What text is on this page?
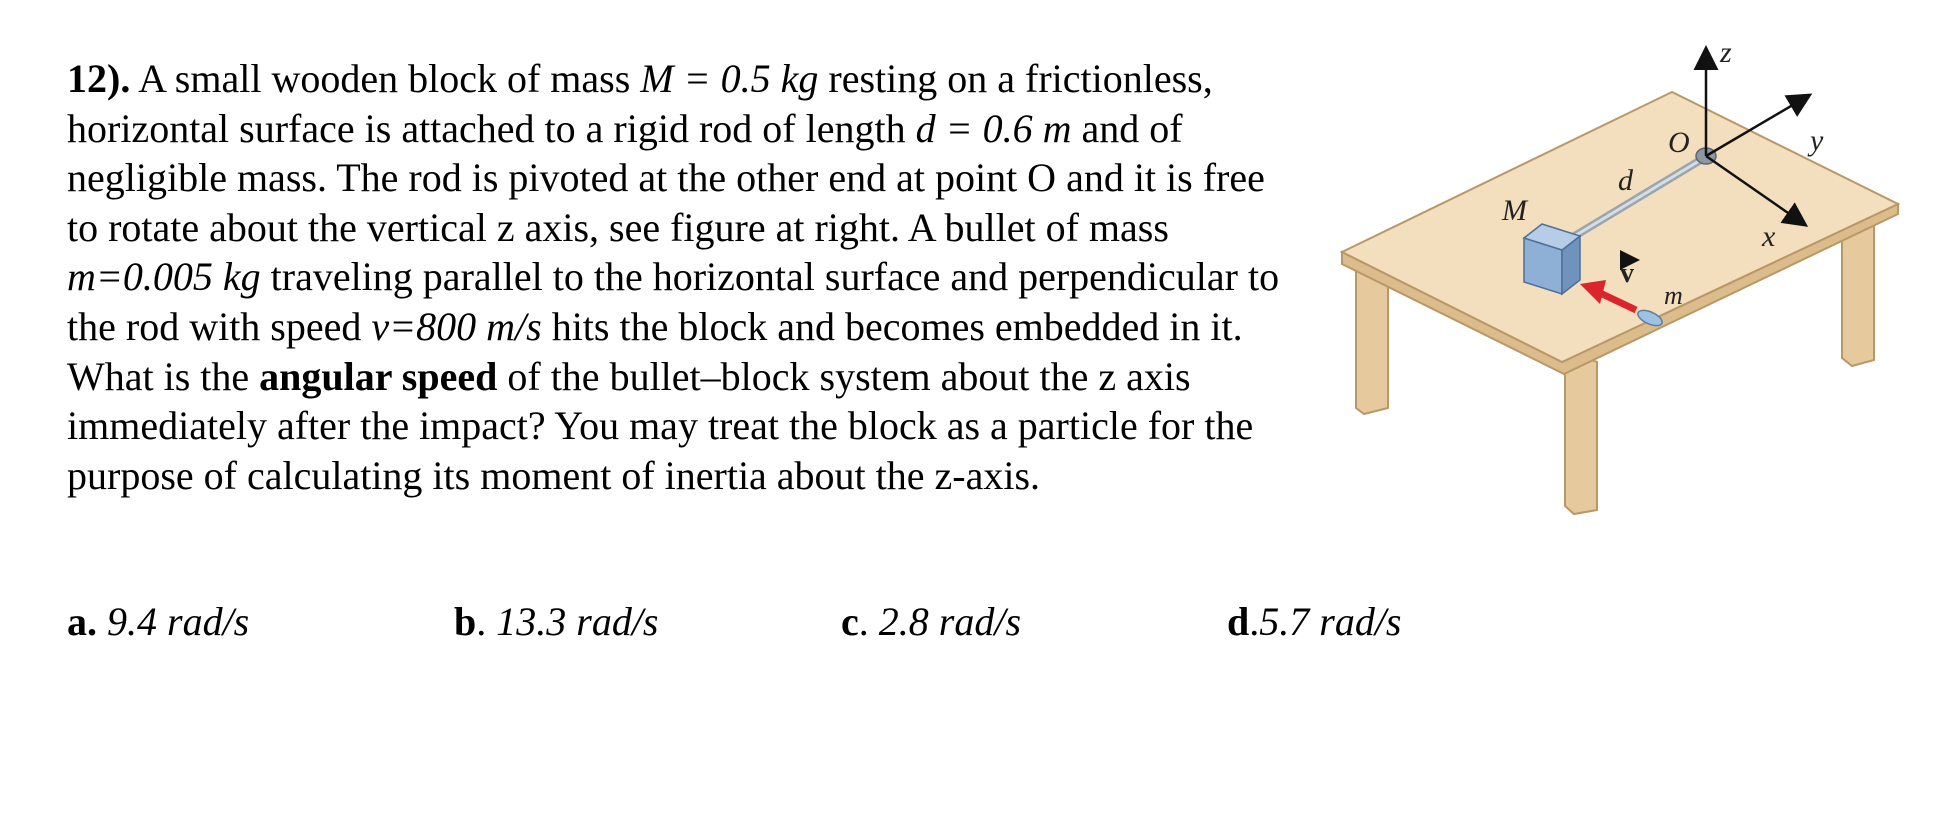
12). A small wooden block of mass M = 0.5 kg resting on a frictionless, horizontal surface is attached to a rigid rod of length d = 0.6 m and of negligible mass. The rod is pivoted at the other end at point O and it is free to rotate about the vertical z axis, see figure at right. A bullet of mass m=0.005 kg traveling parallel to the horizontal surface and perpendicular to the rod with speed v=800 m/s hits the block and becomes embedded in it. What is the angular speed of the bullet–block system about the z axis immediately after the impact? You may treat the block as a particle for the purpose of calculating its moment of inertia about the z-axis.
a. 9.4 rad/s	b. 13.3 rad/s	c. 2.8 rad/s	d.5.7 rad/s
z
y
x
O
d
M
m
v
